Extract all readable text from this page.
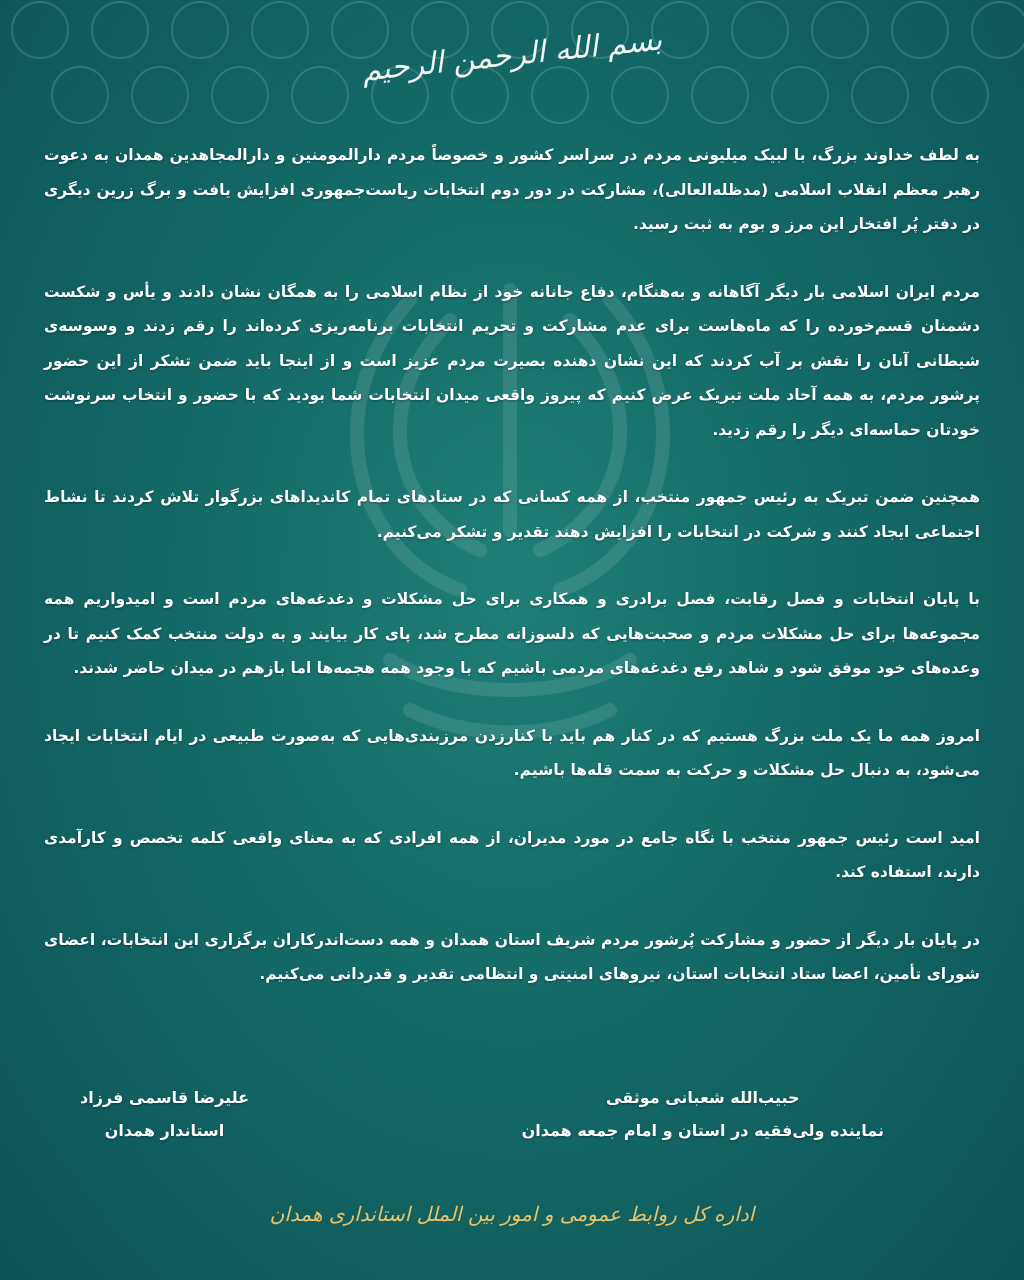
بسم الله الرحمن الرحیم

به لطف خداوند بزرگ، با لبیک میلیونی مردم در سراسر کشور و خصوصاً مردم دارالمومنین و دارالمجاهدین همدان به دعوت رهبر معظم انقلاب اسلامی (مدظله‌العالی)، مشارکت در دور دوم انتخابات ریاست‌جمهوری افزایش یافت و برگ زرین دیگری در دفتر پُر افتخار این مرز و بوم به ثبت رسید.

مردم ایران اسلامی بار دیگر آگاهانه و به‌هنگام، دفاع جانانه خود از نظام اسلامی را به همگان نشان دادند و یأس و شکست دشمنان قسم‌خورده را که ماه‌هاست برای عدم مشارکت و تحریم انتخابات برنامه‌ریزی کرده‌اند را رقم زدند و وسوسه‌ی شیطانی آنان را نقش بر آب کردند که این نشان دهنده بصیرت مردم عزیز است و از اینجا باید ضمن تشکر از این حضور پرشور مردم، به همه آحاد ملت تبریک عرض کنیم که پیروز واقعی میدان انتخابات شما بودید که با حضور و انتخاب سرنوشت خودتان حماسه‌ای دیگر را رقم زدید.

همچنین ضمن تبریک به رئیس جمهور منتخب، از همه کسانی که در ستادهای تمام کاندیداهای بزرگوار تلاش کردند تا نشاط اجتماعی ایجاد کنند و شرکت در انتخابات را افزایش دهند تقدیر و تشکر می‌کنیم.

با پایان انتخابات و فصل رقابت، فصل برادری و همکاری برای حل مشکلات و دغدغه‌های مردم است و امیدواریم همه مجموعه‌ها برای حل مشکلات مردم و صحبت‌هایی که دلسوزانه مطرح شد، پای کار بیایند و به دولت منتخب کمک کنیم تا در وعده‌های خود موفق شود و شاهد رفع دغدغه‌های مردمی باشیم که با وجود همه هجمه‌ها اما بازهم در میدان حاضر شدند.

امروز همه ما یک ملت بزرگ هستیم که در کنار هم باید با کنارزدن مرزبندی‌هایی که به‌صورت طبیعی در ایام انتخابات ایجاد می‌شود، به دنبال حل مشکلات و حرکت به سمت قله‌ها باشیم.

امید است رئیس جمهور منتخب با نگاه جامع در مورد مدیران، از همه افرادی که به معنای واقعی کلمه تخصص و کارآمدی دارند، استفاده کند.

در پایان بار دیگر از حضور و مشارکت پُرشور مردم شریف استان همدان و همه دست‌اندرکاران برگزاری این انتخابات، اعضای شورای تأمین، اعضا ستاد انتخابات استان، نیروهای امنیتی و انتظامی تقدیر و قدردانی می‌کنیم.

حبیب‌الله شعبانی موثقی
نماینده ولی‌فقیه در استان و امام جمعه همدان
علیرضا قاسمی فرزاد
استاندار همدان
اداره کل روابط عمومی و امور بین الملل استانداری همدان
